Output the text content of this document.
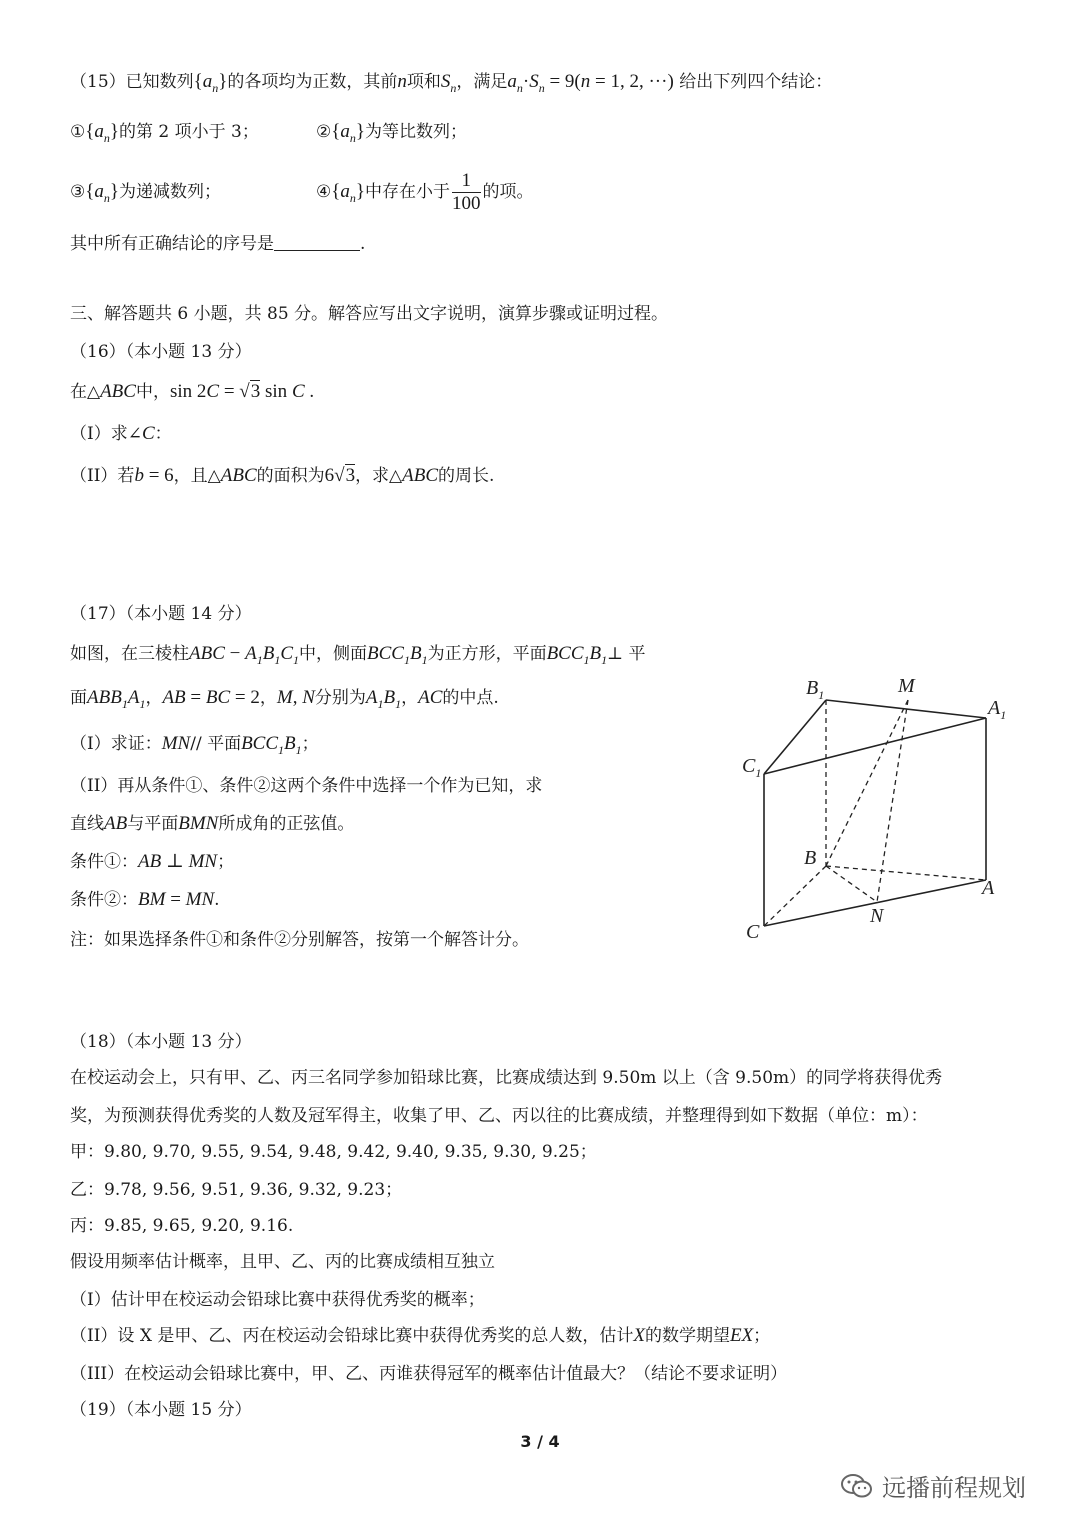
（15）已知数列$\{a_n\}$的各项均为正数，其前n项和$S_n$，满足$a_n\cdot S_n = 9(n = 1$, 2, ···) 给出下列四个结论：
$①\{a_n\}$的第 2 项小于 3；	$②\{a_n\}$为等比数列；
$③\{a_n\}$为递减数列；	$④\{a_n\}$中存在小于 $\frac{1}{100}$ 的项。
其中所有正确结论的序号是	.
三、解答题共 6 小题，共 85 分。解答应写出文字说明，演算步骤或证明过程。
（16）（本小题 13 分）
在△ABC中，sin 2C = √3 sin C .
（I）求∠C：
（II）若b = 6，且△ABC的面积为6√3，求△ABC的周长.
（17）（本小题 14 分）
如图，在三棱柱ABC − $A_1B_1C_1$中，侧面$BCC_1B_1$为正方形，平面$BCC_1B_1\perp$ 平
面$ABB_1A_1$，AB = BC = 2，M, N分别为$A_1B_1$，AC的中点.
（I）求证：MN// 平面$BCC_1B_1$；
（II）再从条件①、条件②这两个条件中选择一个作为已知，求
直线AB与平面BMN所成角的正弦值。
条件①：AB ⊥ MN；
条件②：BM = MN.
注：如果选择条件①和条件②分别解答，按第一个解答计分。
$B_1$	M
$A_1$
$C_1$
B
A
N
C
（18）（本小题 13 分）
在校运动会上，只有甲、乙、丙三名同学参加铅球比赛，比赛成绩达到 9.50m 以上（含 9.50m）的同学将获得优秀
奖，为预测获得优秀奖的人数及冠军得主，收集了甲、乙、丙以往的比赛成绩，并整理得到如下数据（单位：m）：
甲：9.80, 9.70, 9.55, 9.54, 9.48, 9.42, 9.40, 9.35, 9.30, 9.25；
乙：9.78, 9.56, 9.51, 9.36, 9.32, 9.23；
丙：9.85, 9.65, 9.20, 9.16.
假设用频率估计概率，且甲、乙、丙的比赛成绩相互独立
（I）估计甲在校运动会铅球比赛中获得优秀奖的概率；
（II）设 X 是甲、乙、丙在校运动会铅球比赛中获得优秀奖的总人数，估计X的数学期望EX；
（III）在校运动会铅球比赛中，甲、乙、丙谁获得冠军的概率估计值最大？（结论不要求证明）
（19）（本小题 15 分）
3 / 4
远播前程规划
